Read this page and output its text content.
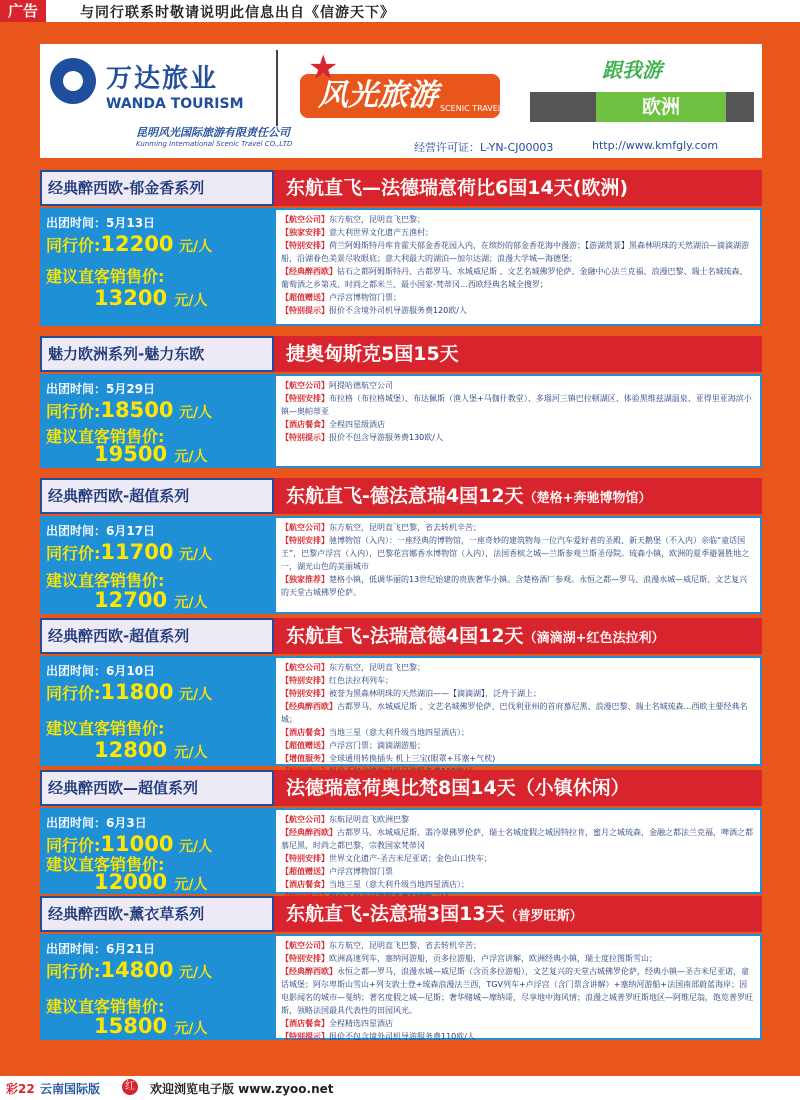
广告	与同行联系时敬请说明此信息出自《信游天下》
万达旅业
WANDA TOURISM	风光旅游
★
SCENIC TRAVEL
跟我游
欧洲
昆明风光国际旅游有限责任公司
Kunming International Scenic Travel CO.,LTD	经营许可证：L-YN-CJ00003	http://www.kmfgly.com
经典醉西欧-郁金香系列	东航直飞—法德瑞意荷比6国14天(欧洲)
出团时间：5月13日
同行价:12200 元/人
建议直客销售价:
13200 元/人
【航空公司】东方航空，昆明直飞巴黎；
【独家安排】意大利世界文化遗产五渔村；
【特别安排】荷兰阿姆斯特丹库肯霍夫郁金香花园入内，在缤纷的郁金香花海中漫游；【游湖赏景】黑森林明珠的天然湖泊—滴滴湖游船，沿湖眷色美景尽收眼底；意大利最大的湖泊—加尔达湖；浪漫大学城—海德堡；
【经典醉西欧】钻石之都阿姆斯特丹、古都罗马、水城威尼斯 、文艺名城佛罗伦萨、金融中心法兰克福、浪漫巴黎、瑞士名城琉森、葡萄酒之乡第戎、时尚之都米兰、最小国家-梵蒂冈…西欧经典名城全搜罗；
【超值赠送】卢浮宫博物馆门票；
【特别提示】报价不含境外司机导游服务费120欧/人
魅力欧洲系列-魅力东欧	捷奥匈斯克5国15天
出团时间：5月29日
同行价:18500 元/人
建议直客销售价:
19500 元/人
【航空公司】阿提哈德航空公司
【特别安排】布拉格（布拉格城堡）、布达佩斯（渔人堡+马伽什教堂）、多瑙河三镇巴拉顿湖区、体验黑维兹湖温泉、亚得里亚海滨小镇—奥帕蒂亚
【酒店餐食】全程四星级酒店
【特别提示】报价不包含导游服务费130欧/人
经典醉西欧-超值系列	东航直飞-德法意瑞4国12天（楚格+奔驰博物馆）
出团时间：6月17日
同行价:11700 元/人
建议直客销售价:
12700 元/人
【航空公司】东方航空，昆明直飞巴黎，省去转机辛苦；
【特别安排】驰博物馆（入内）：一座经典的博物馆，一座奇妙的建筑物每一位汽车爱好者的圣殿、新天鹅堡（不入内）亲临“童话国王”，巴黎卢浮宫（入内），巴黎花宫娜香水博物馆（入内），法国香槟之城—兰斯参观兰斯圣母院。琉森小镇，欧洲的夏季避暑胜地之一，湖光山色的美丽城市
【独家推荐】楚格小镇，低调华丽的13世纪始建的贵族奢华小镇。含楚格酒厂参观。永恒之都—罗马、浪漫水城—威尼斯、文艺复兴的天堂古城佛罗伦萨。
经典醉西欧-超值系列	东航直飞-法瑞意德4国12天（滴滴湖+红色法拉利）
出团时间：6月10日
同行价:11800 元/人
建议直客销售价:
12800 元/人
【航空公司】东方航空，昆明直飞巴黎；
【特别安排】红色法拉利列车；
【特别安排】被誉为黑森林明珠的天然湖泊——【滴滴湖】，泛舟于湖上；
【经典醉西欧】古都罗马、水城威尼斯 、文艺名城佛罗伦萨、巴伐利亚州的首府慕尼黑、浪漫巴黎、瑞士名城琉森…西欧主要经典名城；
【酒店餐食】当地三星（意大利升级当地四星酒店）；
【超值赠送】卢浮宫门票；滴滴湖游船；
【增值服务】全球通用转换插头 机上三宝(眼罩+耳塞+气枕)
经典醉西欧—超值系列	法德瑞意荷奥比梵8国14天（小镇休闲）
出团时间：6月3日
同行价:11000 元/人
建议直客销售价:
12000 元/人
【航空公司】东航昆明直飞欧洲巴黎
【经典醉西欧】古都罗马、水城威尼斯、翡冷翠佛罗伦萨，瑞士名城度假之城因特拉肯，蜜月之城琉森，金融之都法兰克福，啤酒之都慕尼黑，时尚之都巴黎，宗教国家梵蒂冈
【特别安排】世界文化遗产-圣吉米尼亚诺；金色山口快车；
【超值赠送】卢浮宫博物馆门票
【酒店餐食】当地三星（意大利升级当地四星酒店）；
经典醉西欧-薰衣草系列	东航直飞-法意瑞3国13天（普罗旺斯）
出团时间：6月21日
同行价:14800 元/人
建议直客销售价:
15800 元/人
【航空公司】东方航空，昆明直飞巴黎，省去转机辛苦；
【特别安排】欧洲高速列车，塞纳河游船，贡多拉游船，卢浮宫讲解，欧洲经典小镇，瑞士度拉图斯雪山；
【经典醉西欧】永恒之都—罗马，浪漫水城—威尼斯（含贡多拉游船），文艺复兴的天堂古城佛罗伦萨，经典小镇—圣吉米尼亚诺，童话城堡；阿尔卑斯山雪山+列支敦士登+琉森浪漫法兰西，TGV列车+卢浮宫（含门票含讲解）+塞纳河游船+法国南部蔚蓝海岸；因电影闻名的城市—戛纳；著名度假之城—尼斯；奢华赌城—摩纳哥，尽享地中海风情；浪漫之城普罗旺斯地区—阿维尼翁，饱览普罗旺斯，领略法国最具代表性的田园风光。
【酒店餐食】全程精选四星酒店
【特别提示】报价不包含境外司机导游服务费110欧/人
彩22 云南国际版	红 欢迎浏览电子版 www.zyoo.net
